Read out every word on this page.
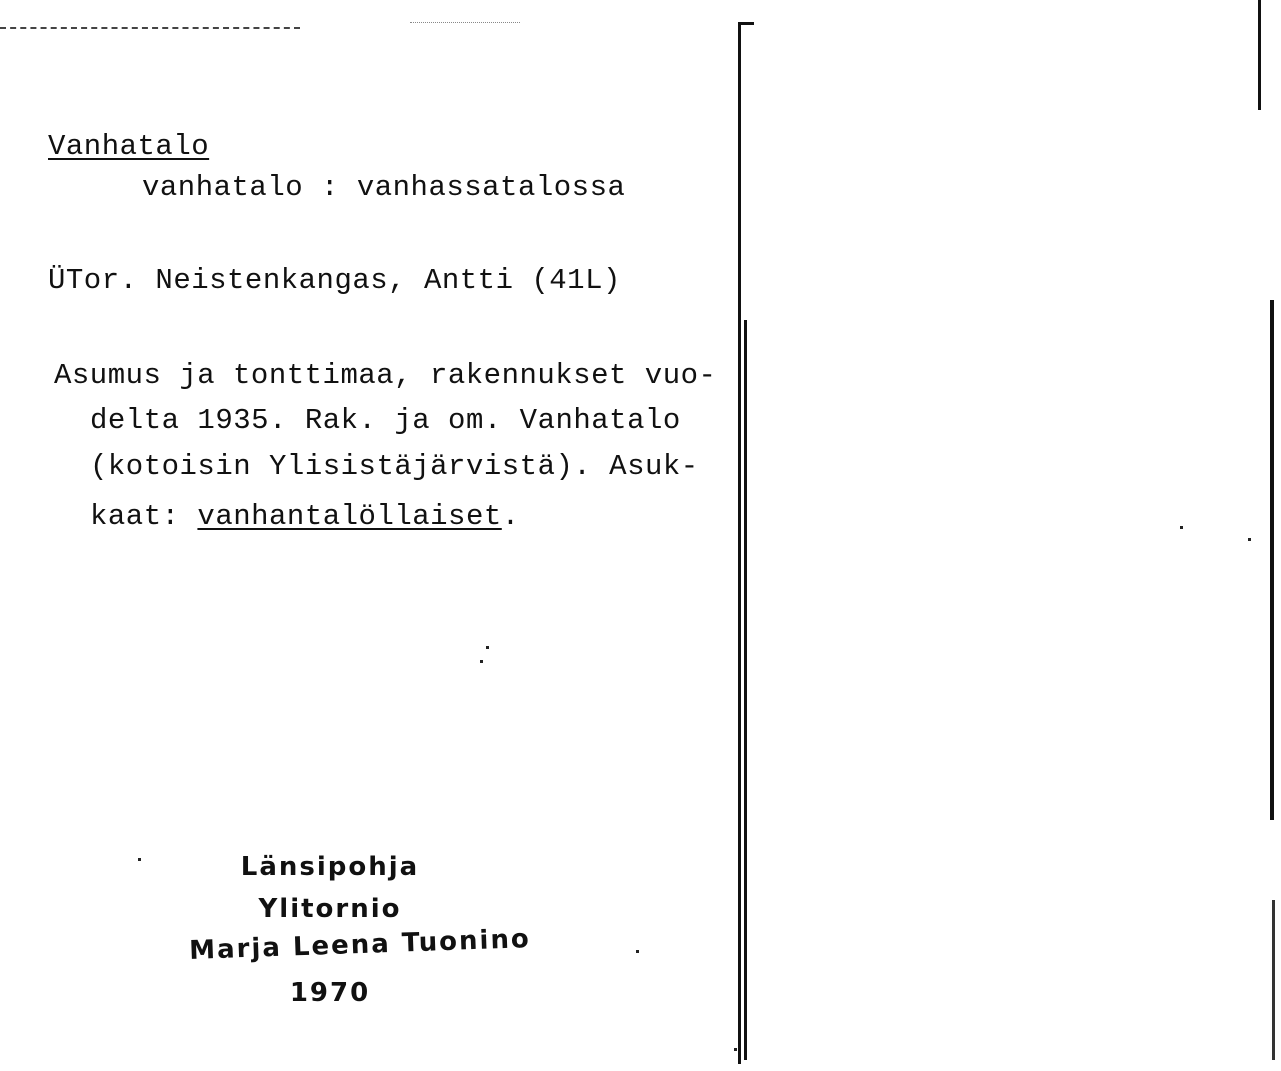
Vanhatalo
vanhatalo : vanhassatalossa
ÜTor. Neistenkangas, Antti (41L)
Asumus ja tonttimaa, rakennukset vuo-
delta 1935. Rak. ja om. Vanhatalo
(kotoisin Ylisistäjärvistä). Asuk-
kaat: vanhantalöllaiset.
Länsipohja
Ylitornio
Marja Leena Tuonino
1970
